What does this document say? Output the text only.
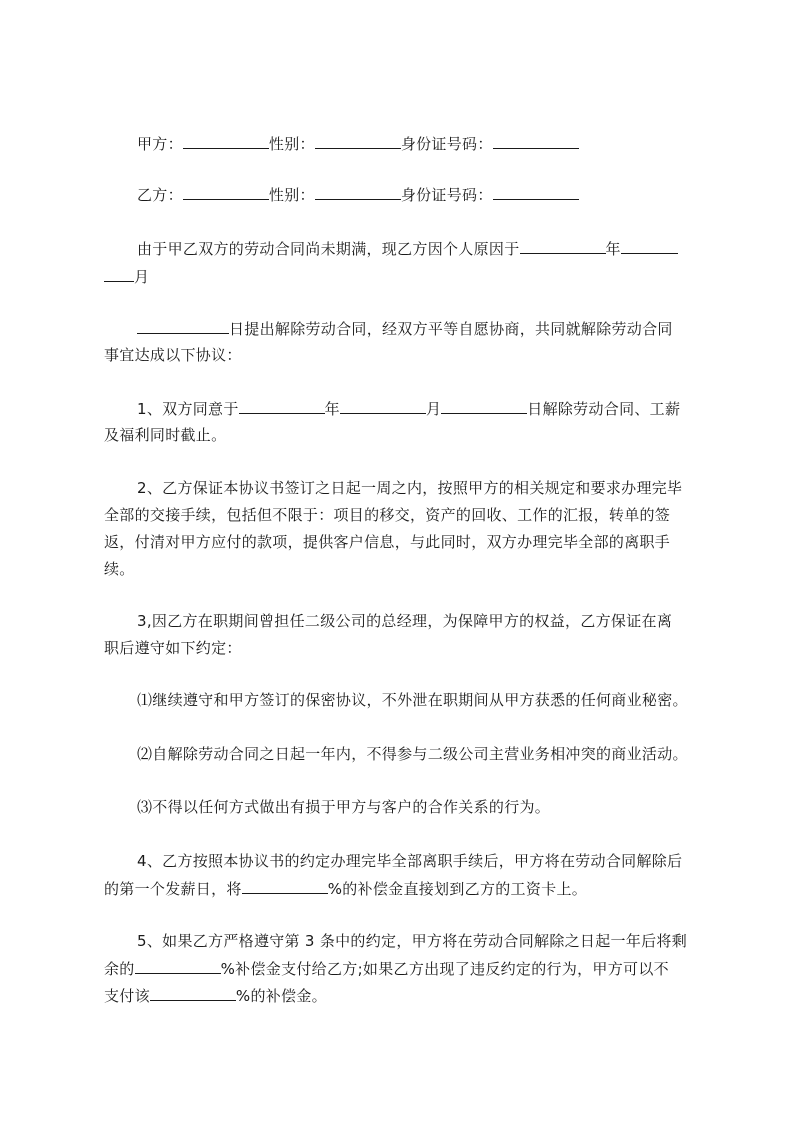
甲方：	性别：	身份证号码：
乙方：	性别：	身份证号码：
由于甲乙双方的劳动合同尚未期满，现乙方因个人原因于	年
月
日提出解除劳动合同，经双方平等自愿协商，共同就解除劳动合同
事宜达成以下协议：
1、双方同意于	年	月	日解除劳动合同、工薪
及福利同时截止。
2、乙方保证本协议书签订之日起一周之内，按照甲方的相关规定和要求办理完毕
全部的交接手续，包括但不限于：项目的移交，资产的回收、工作的汇报，转单的签
返，付清对甲方应付的款项，提供客户信息，与此同时，双方办理完毕全部的离职手
续。
3,因乙方在职期间曾担任二级公司的总经理，为保障甲方的权益，乙方保证在离
职后遵守如下约定：
⑴继续遵守和甲方签订的保密协议，不外泄在职期间从甲方获悉的任何商业秘密。
⑵自解除劳动合同之日起一年内，不得参与二级公司主营业务相冲突的商业活动。
⑶不得以任何方式做出有损于甲方与客户的合作关系的行为。
4、乙方按照本协议书的约定办理完毕全部离职手续后，甲方将在劳动合同解除后
的第一个发薪日，将	%的补偿金直接划到乙方的工资卡上。
5、如果乙方严格遵守第 3 条中的约定，甲方将在劳动合同解除之日起一年后将剩
余的	%补偿金支付给乙方;如果乙方出现了违反约定的行为，甲方可以不
支付该	%的补偿金。
